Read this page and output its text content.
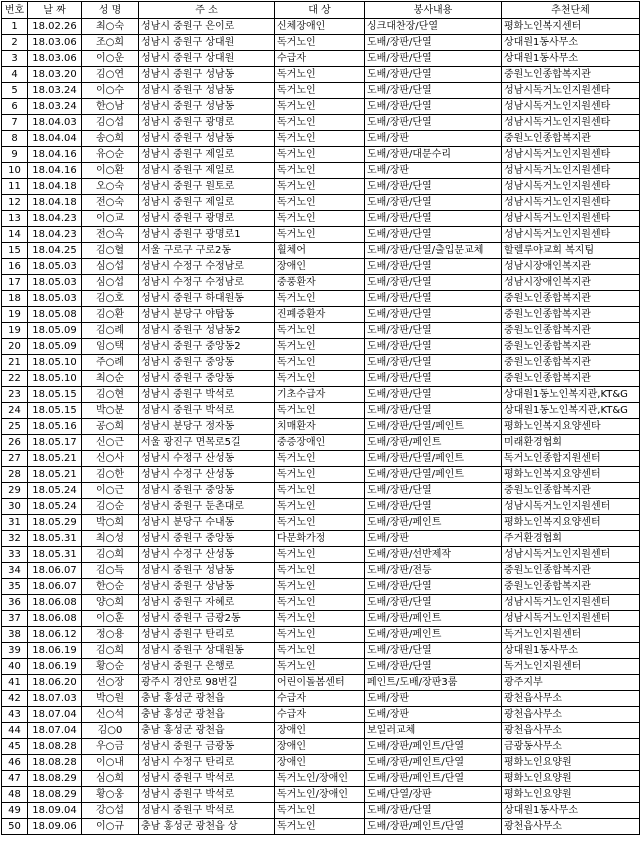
번호	날 짜	성 명	주 소	대 상	봉사내용	추천단체
1	18.02.26	최○숙	성남시 중원구 은이로	신체장애인	싱크대찬장/단열	평화노인복지센터
2	18.03.06	조○희	성남시 중원구 상대원	독거노인	도배/장판/단열	상대원1동사무소
3	18.03.06	이○운	성남시 중원구 상대원	수급자	도배/장판/단열	상대원1동사무소
4	18.03.20	김○연	성남시 중원구 성남동	독거노인	도배/장판/단열	중원노인종합복지관
5	18.03.24	이○수	성남시 중원구 성남동	독거노인	도배/장판/단열	성남시독거노인지원센타
6	18.03.24	한○남	성남시 중원구 성남동	독거노인	도배/장판/단열	성남시독거노인지원센타
7	18.04.03	김○섭	성남시 중원구 광명로	독거노인	도배/장판/단열	성남시독거노인지원센타
8	18.04.04	송○희	성남시 중원구 성남동	독거노인	도배/장판	중원노인종합복지관
9	18.04.16	유○순	성남시 중원구 제일로	독거노인	도배/장판/대문수리	성남시독거노인지원센타
10	18.04.16	이○환	성남시 중원구 제일로	독거노인	도배/장판	성남시독거노인지원센타
11	18.04.18	오○숙	성남시 중원구 원토로	독거노인	도배/장판/단열	성남시독거노인지원센타
12	18.04.18	전○숙	성남시 중원구 제일로	독거노인	도배/장판/단열	성남시독거노인지원센타
13	18.04.23	이○교	성남시 중원구 광명로	독거노인	도배/장판/단열	성남시독거노인지원센타
14	18.04.23	전○옥	성남시 중원구 광명로1	독거노인	도배/장판/단열	성남시독거노인지원센타
15	18.04.25	김○혈	서울 구로구 구로2동	휠체어	도배/장판/단열/출입문교체	할렐루야교회 복지팀
16	18.05.03	심○섭	성남시 수정구 수정남로	장애인	도배/장판/단열	성남시장애인복지관
17	18.05.03	심○섭	성남시 수정구 수정남로	중풍환자	도배/장판/단열	성남시장애인복지관
18	18.05.03	김○호	성남시 중원구 하대원동	독거노인	도배/장판/단열	중원노인종합복지관
19	18.05.08	김○환	성남시 분당구 야탑동	진폐증환자	도배/장판/단열	중원노인종합복지관
19	18.05.09	김○례	성남시 중원구 성남동2	독거노인	도배/장판/단열	중원노인종합복지관
20	18.05.09	임○택	성남시 중원구 중앙동2	독거노인	도배/장판/단열	중원노인종합복지관
21	18.05.10	주○례	성남시 중원구 중앙동	독거노인	도배/장판/단열	중원노인종합복지관
22	18.05.10	최○순	성남시 중원구 중앙동	독거노인	도배/장판/단열	중원노인종합복지관
23	18.05.15	김○현	성남시 중원구 박석로	기초수급자	도배/장판/단열	상대원1동노인복지관,KT&G
24	18.05.15	박○분	성남시 중원구 박석로	독거노인	도배/장판/단열	상대원1동노인복지관,KT&G
25	18.05.16	공○희	성남시 분당구 정자동	치매환자	도배/장판/단열/페인트	평화노인복지요양센타
26	18.05.17	신○근	서울 광진구 면목로5길	중증장애인	도배/장판/페인트	미래환경협회
27	18.05.21	신○사	성남시 수정구 산성동	독거노인	도배/장판/단열/페인트	독거노인종합지원센터
28	18.05.21	김○한	성남시 수정구 산성동	독거노인	도배/장판/단열/페인트	평화노인복지요양센터
29	18.05.24	이○근	성남시 중원구 중앙동	독거노인	도배/장판/단열	중원노인종합복지관
30	18.05.24	김○순	성남시 중원구 둔촌대로	독거노인	도배/장판/단열	성남시독거노인지원센터
31	18.05.29	박○희	성남시 분당구 수내동	독거노인	도배/장판/페인트	평화노인복지요양센터
32	18.05.31	최○성	성남시 중원구 중앙동	다문화가정	도배/장판	주거환경협회
33	18.05.31	김○희	성남시 수정구 산성동	독거노인	도배/장판/선반제작	성남시독거노인지원센터
34	18.06.07	김○득	성남시 중원구 성남동	독거노인	도배/장판/전등	중원노인종합복지관
35	18.06.07	한○순	성남시 중원구 상남동	독거노인	도배/장판/단열	중원노인종합복지관
36	18.06.08	양○희	성남시 중원구 자혜로	독거노인	도배/장판/단열	성남시독거노인지원센터
37	18.06.08	이○훈	성남시 중원구 금광2동	독거노인	도배/장판/페인트	성남시독거노인지원센터
38	18.06.12	정○용	성남시 중원구 탄리로	독거노인	도배/장판/페인트	독거노인지원센터
39	18.06.19	김○희	성남시 중원구 상대원동	독거노인	도배/장판/단열	상대원1동사무소
40	18.06.19	황○순	성남시 중원구 은행로	독거노인	도배/장판/단열	독거노인지원센터
41	18.06.20	선○장	광주시 경안로 98번길	어린이돌봄센터	페인트/도배/장판3룸	광주지부
42	18.07.03	박○원	충남 홍성군 광천읍	수급자	도배/장판	광천읍사무소
43	18.07.04	신○석	충남 홍성군 광천읍	수급자	도배/장판	광천읍사무소
44	18.07.04	김○0	충남 홍성군 광천읍	장애인	보일러교체	광천읍사무소
45	18.08.28	우○금	성남시 중원구 금광동	장애인	도배/장판/페인트/단열	금광동사무소
46	18.08.28	이○내	성남시 수정구 탄리로	장애인	도배/장판/페인트/단열	평화노인요양원
47	18.08.29	심○희	성남시 중원구 박석로	독거노인/장애인	도배/장판/페인트/단열	평화노인요양원
48	18.08.29	황○옹	성남시 중원구 박석로	독거노인/장애인	도배/단열/장판	평화노인요양원
49	18.09.04	강○섭	성남시 중원구 박석로	독거노인	도배/장판/단열	상대원1동사무소
50	18.09.06	이○규	충남 홍성군 광천읍 상	독거노인	도배/장판/페인트/단열	광천읍사무소
